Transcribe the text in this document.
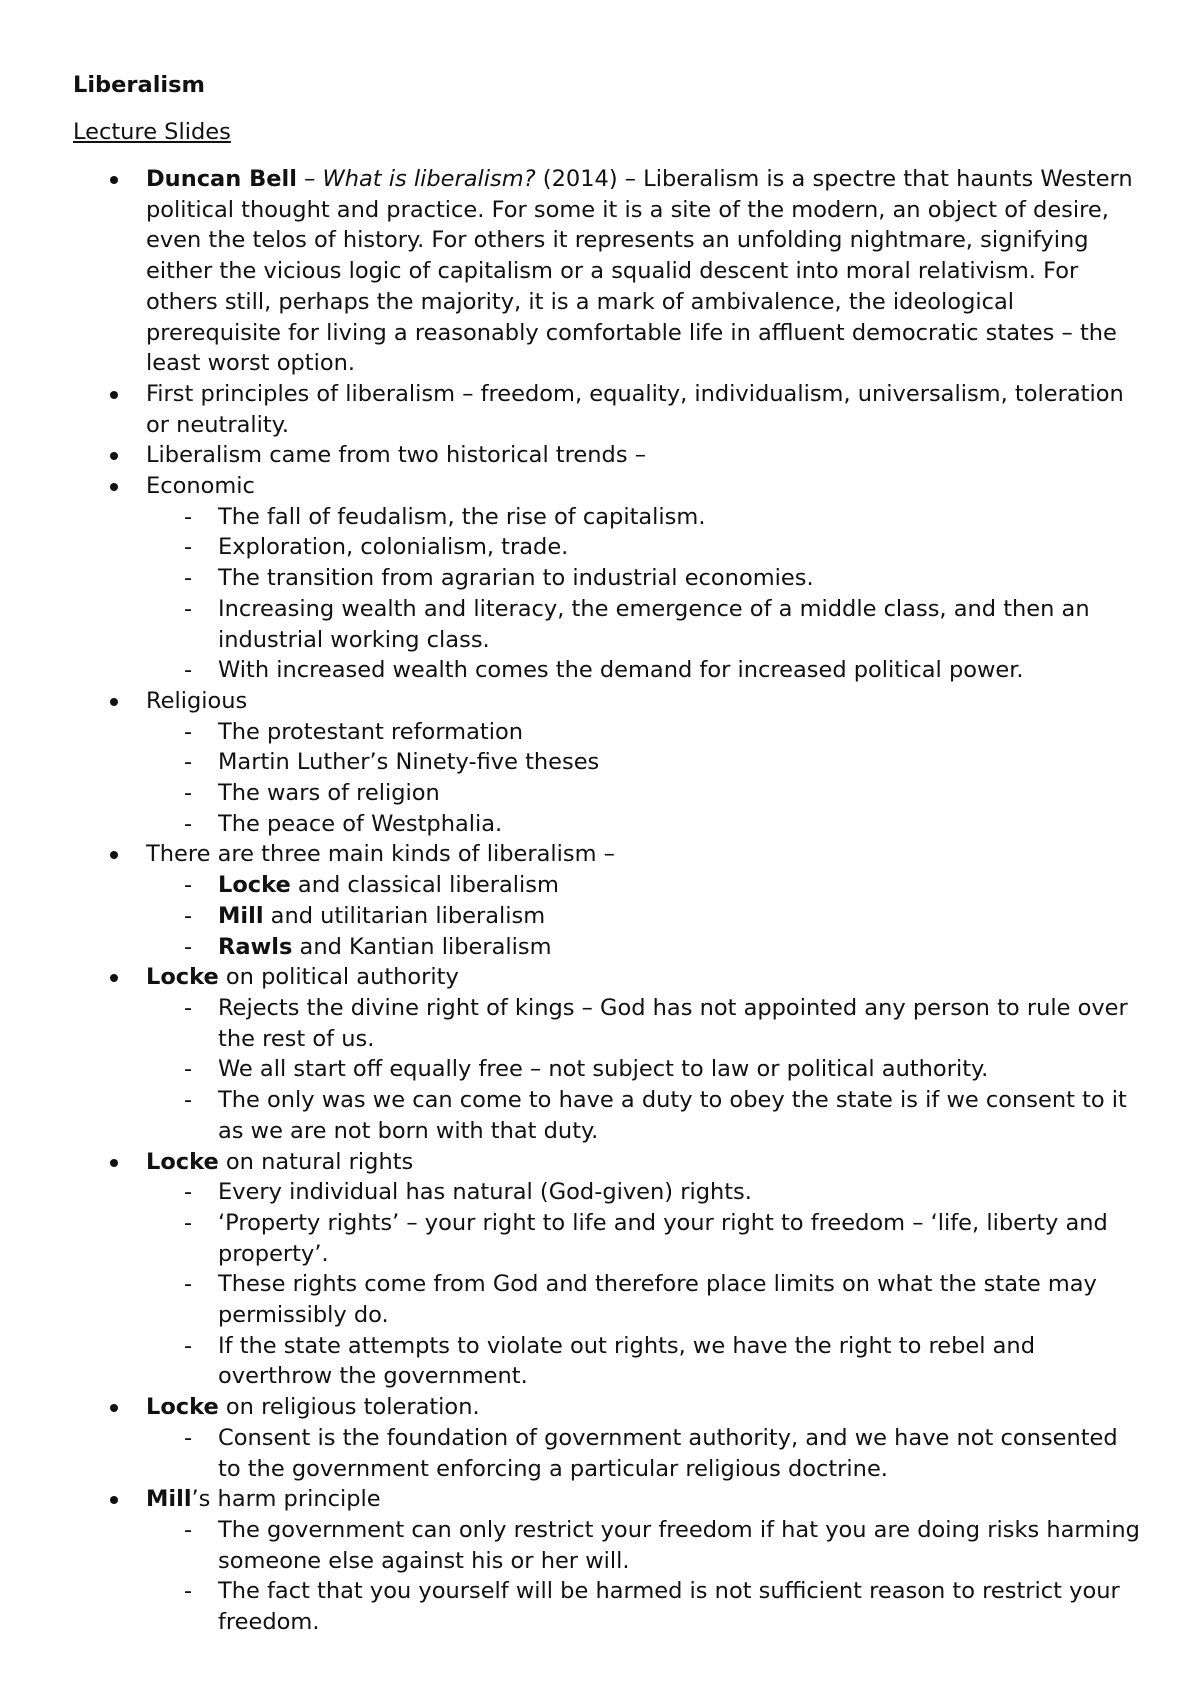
Liberalism
Lecture Slides
Duncan Bell – What is liberalism? (2014) – Liberalism is a spectre that haunts Western political thought and practice. For some it is a site of the modern, an object of desire, even the telos of history. For others it represents an unfolding nightmare, signifying either the vicious logic of capitalism or a squalid descent into moral relativism. For others still, perhaps the majority, it is a mark of ambivalence, the ideological prerequisite for living a reasonably comfortable life in affluent democratic states – the least worst option.
First principles of liberalism – freedom, equality, individualism, universalism, toleration or neutrality.
Liberalism came from two historical trends –
Economic
- The fall of feudalism, the rise of capitalism.
- Exploration, colonialism, trade.
- The transition from agrarian to industrial economies.
- Increasing wealth and literacy, the emergence of a middle class, and then an industrial working class.
- With increased wealth comes the demand for increased political power.
Religious
- The protestant reformation
- Martin Luther’s Ninety-five theses
- The wars of religion
- The peace of Westphalia.
There are three main kinds of liberalism –
- Locke and classical liberalism
- Mill and utilitarian liberalism
- Rawls and Kantian liberalism
Locke on political authority
- Rejects the divine right of kings – God has not appointed any person to rule over the rest of us.
- We all start off equally free – not subject to law or political authority.
- The only was we can come to have a duty to obey the state is if we consent to it as we are not born with that duty.
Locke on natural rights
- Every individual has natural (God-given) rights.
- ‘Property rights’ – your right to life and your right to freedom – ‘life, liberty and property’.
- These rights come from God and therefore place limits on what the state may permissibly do.
- If the state attempts to violate out rights, we have the right to rebel and overthrow the government.
Locke on religious toleration.
- Consent is the foundation of government authority, and we have not consented to the government enforcing a particular religious doctrine.
Mill’s harm principle
- The government can only restrict your freedom if hat you are doing risks harming someone else against his or her will.
- The fact that you yourself will be harmed is not sufficient reason to restrict your freedom.
